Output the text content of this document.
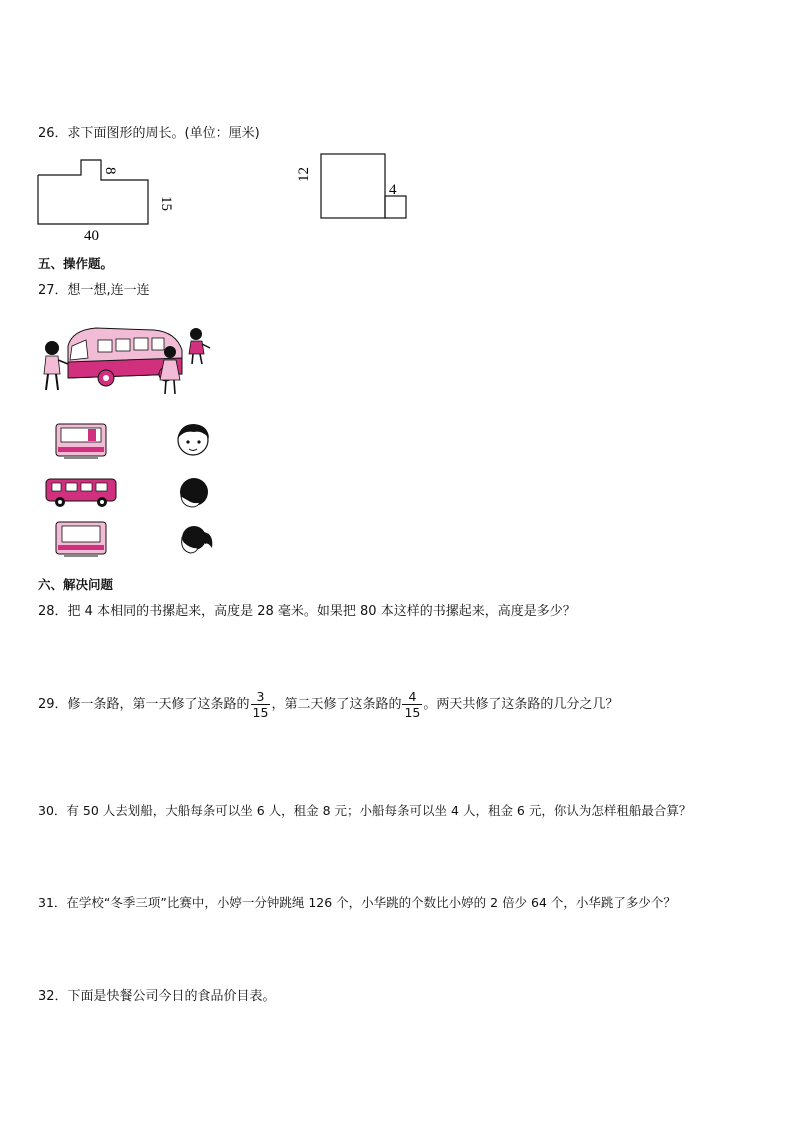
26．求下面图形的周长。(单位：厘米)
40
15
8	12
4
五、操作题。
27．想一想,连一连
六、解决问题
28．把 4 本相同的书摞起来，高度是 28 毫米。如果把 80 本这样的书摞起来，高度是多少？
29．修一条路，第一天修了这条路的 $\frac{3}{15}$ ，第二天修了这条路的 $\frac{4}{15}$ 。两天共修了这条路的几分之几？
30．有 50 人去划船，大船每条可以坐 6 人，租金 8 元；小船每条可以坐 4 人，租金 6 元，你认为怎样租船最合算？
31．在学校“冬季三项”比赛中，小婷一分钟跳绳 126 个，小华跳的个数比小婷的 2 倍少 64 个，小华跳了多少个？
32．下面是快餐公司今日的食品价目表。
